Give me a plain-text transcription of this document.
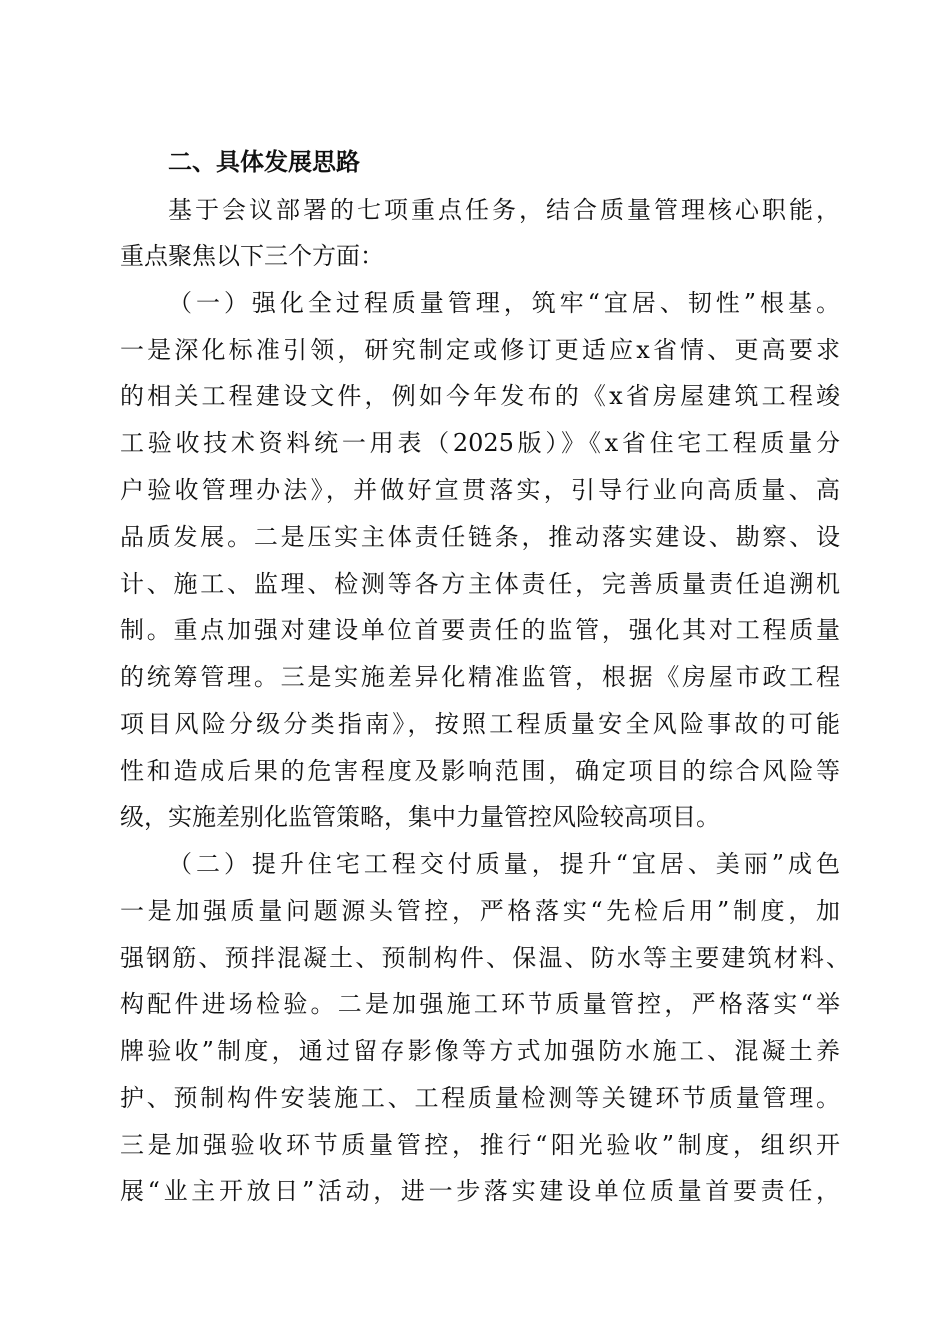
二、具体发展思路
基于会议部署的七项重点任务，结合质量管理核心职能，
重点聚焦以下三个方面：
（一）强化全过程质量管理，筑牢“宜居、韧性”根基。
一是深化标准引领，研究制定或修订更适应x省情、更高要求
的相关工程建设文件，例如今年发布的《x省房屋建筑工程竣
工验收技术资料统一用表（2025版）》《x省住宅工程质量分
户验收管理办法》，并做好宣贯落实，引导行业向高质量、高
品质发展。二是压实主体责任链条，推动落实建设、勘察、设
计、施工、监理、检测等各方主体责任，完善质量责任追溯机
制。重点加强对建设单位首要责任的监管，强化其对工程质量
的统筹管理。三是实施差异化精准监管，根据《房屋市政工程
项目风险分级分类指南》，按照工程质量安全风险事故的可能
性和造成后果的危害程度及影响范围，确定项目的综合风险等
级，实施差别化监管策略，集中力量管控风险较高项目。
（二）提升住宅工程交付质量，提升“宜居、美丽”成色
一是加强质量问题源头管控，严格落实“先检后用”制度，加
强钢筋、预拌混凝土、预制构件、保温、防水等主要建筑材料、
构配件进场检验。二是加强施工环节质量管控，严格落实“举
牌验收”制度，通过留存影像等方式加强防水施工、混凝土养
护、预制构件安装施工、工程质量检测等关键环节质量管理。
三是加强验收环节质量管控，推行“阳光验收”制度，组织开
展“业主开放日”活动，进一步落实建设单位质量首要责任，
